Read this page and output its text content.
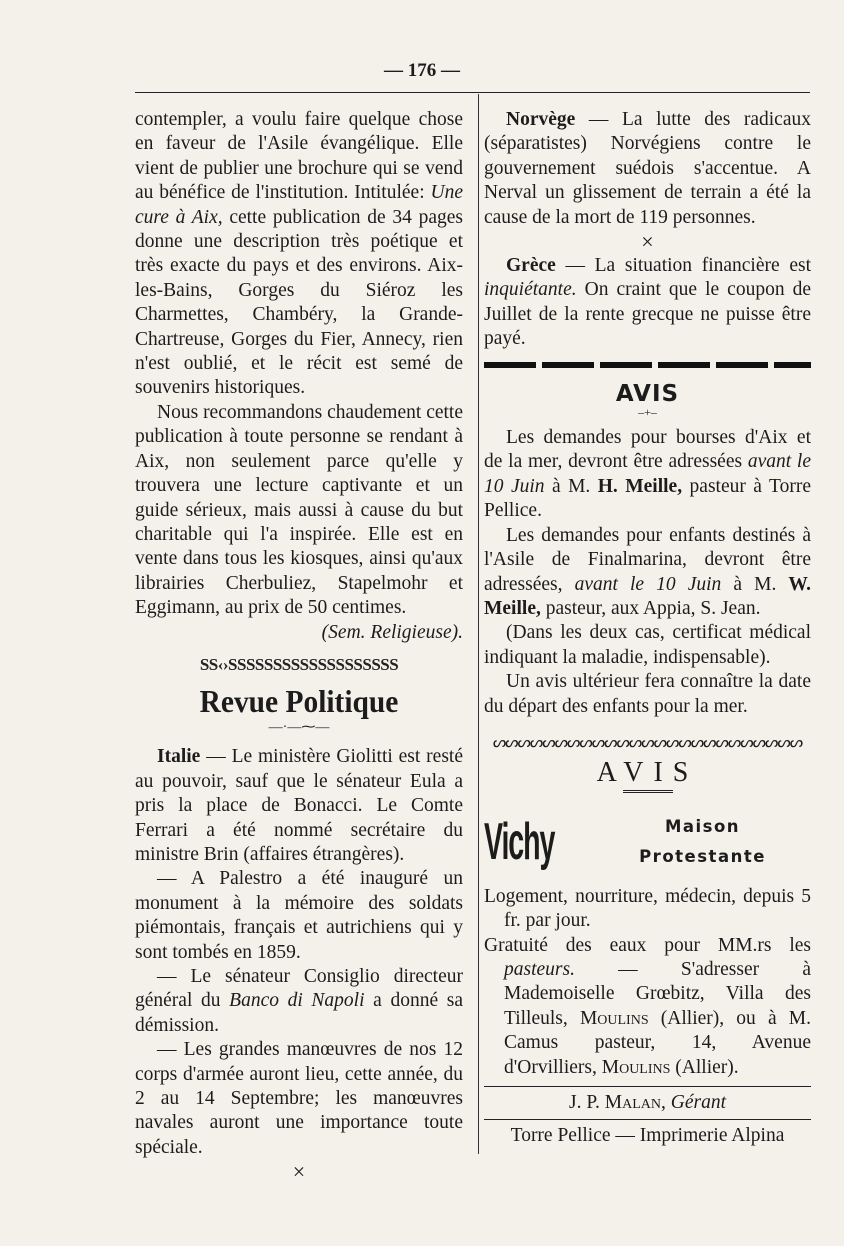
— 176 —

contempler, a voulu faire quelque chose en faveur de l'Asile évangélique. Elle vient de publier une brochure qui se vend au bénéfice de l'institution. Intitulée: Une cure à Aix, cette publication de 34 pages donne une description très poétique et très exacte du pays et des environs. Aix-les-Bains, Gorges du Siéroz les Charmettes, Chambéry, la Grande-Chartreuse, Gorges du Fier, Annecy, rien n'est oublié, et le récit est semé de souvenirs historiques.

Nous recommandons chaudement cette publication à toute personne se rendant à Aix, non seulement parce qu'elle y trouvera une lecture captivante et un guide sérieux, mais aussi à cause du but charitable qui l'a inspirée. Elle est en vente dans tous les kiosques, ainsi qu'aux librairies Cherbuliez, Stapelmohr et Eggimann, au prix de 50 centimes.

(Sem. Religieuse).

SS‹›SSSSSSSSSSSSSSSSSSS
Revue Politique
—·—⁓—

Italie — Le ministère Giolitti est resté au pouvoir, sauf que le sénateur Eula a pris la place de Bonacci. Le Comte Ferrari a été nommé secrétaire du ministre Brin (affaires étrangères).

— A Palestro a été inauguré un monument à la mémoire des soldats piémontais, français et autrichiens qui y sont tombés en 1859.

— Le sénateur Consiglio directeur général du Banco di Napoli a donné sa démission.

— Les grandes manœuvres de nos 12 corps d'armée auront lieu, cette année, du 2 au 14 Septembre; les manœuvres navales auront une importance toute spéciale.

×

Norvège — La lutte des radicaux (séparatistes) Norvégiens contre le gouvernement suédois s'accentue. A Nerval un glissement de terrain a été la cause de la mort de 119 personnes.

×

Grèce — La situation financière est inquiétante. On craint que le coupon de Juillet de la rente grecque ne puisse être payé.

AVIS
–+–

Les demandes pour bourses d'Aix et de la mer, devront être adressées avant le 10 Juin à M. H. Meille, pasteur à Torre Pellice.

Les demandes pour enfants destinés à l'Asile de Finalmarina, devront être adressées, avant le 10 Juin à M. W. Meille, pasteur, aux Appia, S. Jean.

(Dans les deux cas, certificat médical indiquant la maladie, indispensable).

Un avis ultérieur fera connaître la date du départ des enfants pour la mer.

ᔕᔕᔕᔕᔕᔕᔕᔕᔕᔕᔕᔕᔕᔕᔕᔕᔕᔕᔕᔕᔕᔕᔕᔕᔕ
AVIS
Vichy	Maison
Protestante

Logement, nourriture, médecin, depuis 5 fr. par jour.

Gratuité des eaux pour MM.rs les pasteurs. — S'adresser à Mademoiselle Grœbitz, Villa des Tilleuls, Moulins (Allier), ou à M. Camus pasteur, 14, Avenue d'Orvilliers, Moulins (Allier).

J. P. Malan, Gérant
Torre Pellice — Imprimerie Alpina
